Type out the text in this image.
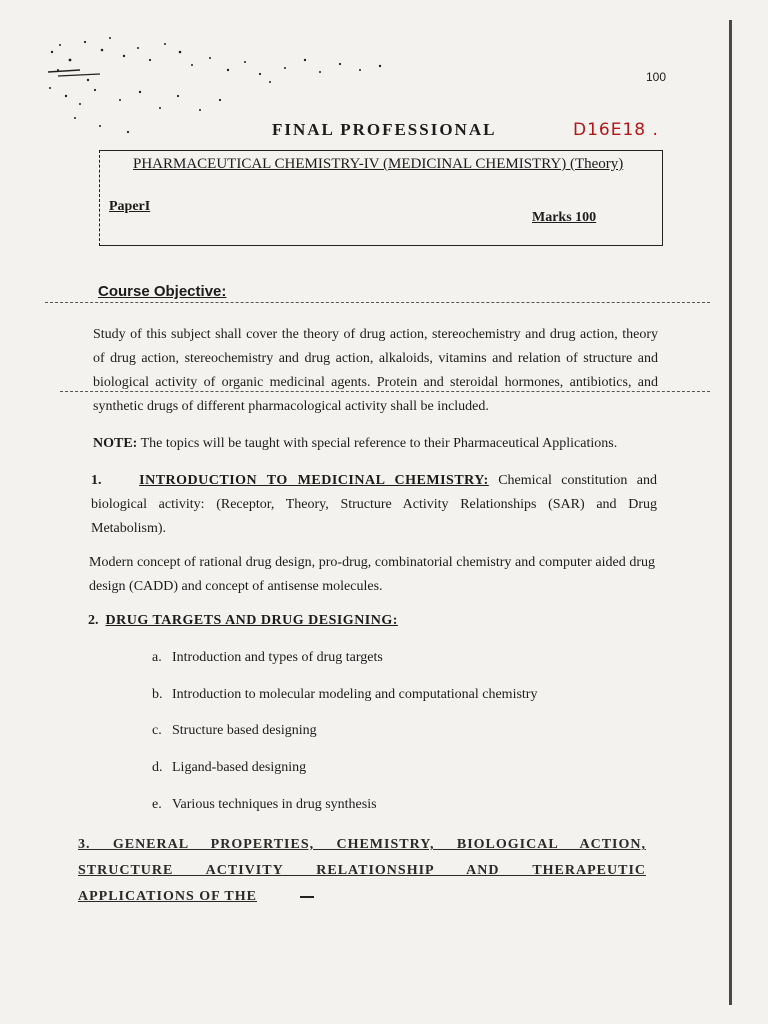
100
FINAL PROFESSIONAL	D16E18 .
PHARMACEUTICAL CHEMISTRY-IV (MEDICINAL CHEMISTRY) (Theory)
PaperI
Marks 100
Course Objective:
Study of this subject shall cover the theory of drug action, stereochemistry and drug action, theory of drug action, stereochemistry and drug action, alkaloids, vitamins and relation of structure and biological activity of organic medicinal agents. Protein and steroidal hormones, antibiotics, and synthetic drugs of different pharmacological activity shall be included.
NOTE: The topics will be taught with special reference to their Pharmaceutical Applications.
1.	INTRODUCTION TO MEDICINAL CHEMISTRY: Chemical constitution and biological activity: (Receptor, Theory, Structure Activity Relationships (SAR) and Drug Metabolism).
Modern concept of rational drug design, pro-drug, combinatorial chemistry and computer aided drug design (CADD) and concept of antisense molecules.
2. DRUG TARGETS AND DRUG DESIGNING:
a. Introduction and types of drug targets
b. Introduction to molecular modeling and computational chemistry
c. Structure based designing
d. Ligand-based designing
e. Various techniques in drug synthesis
3. GENERAL PROPERTIES, CHEMISTRY, BIOLOGICAL ACTION, STRUCTURE ACTIVITY RELATIONSHIP AND THERAPEUTIC APPLICATIONS OF THE
